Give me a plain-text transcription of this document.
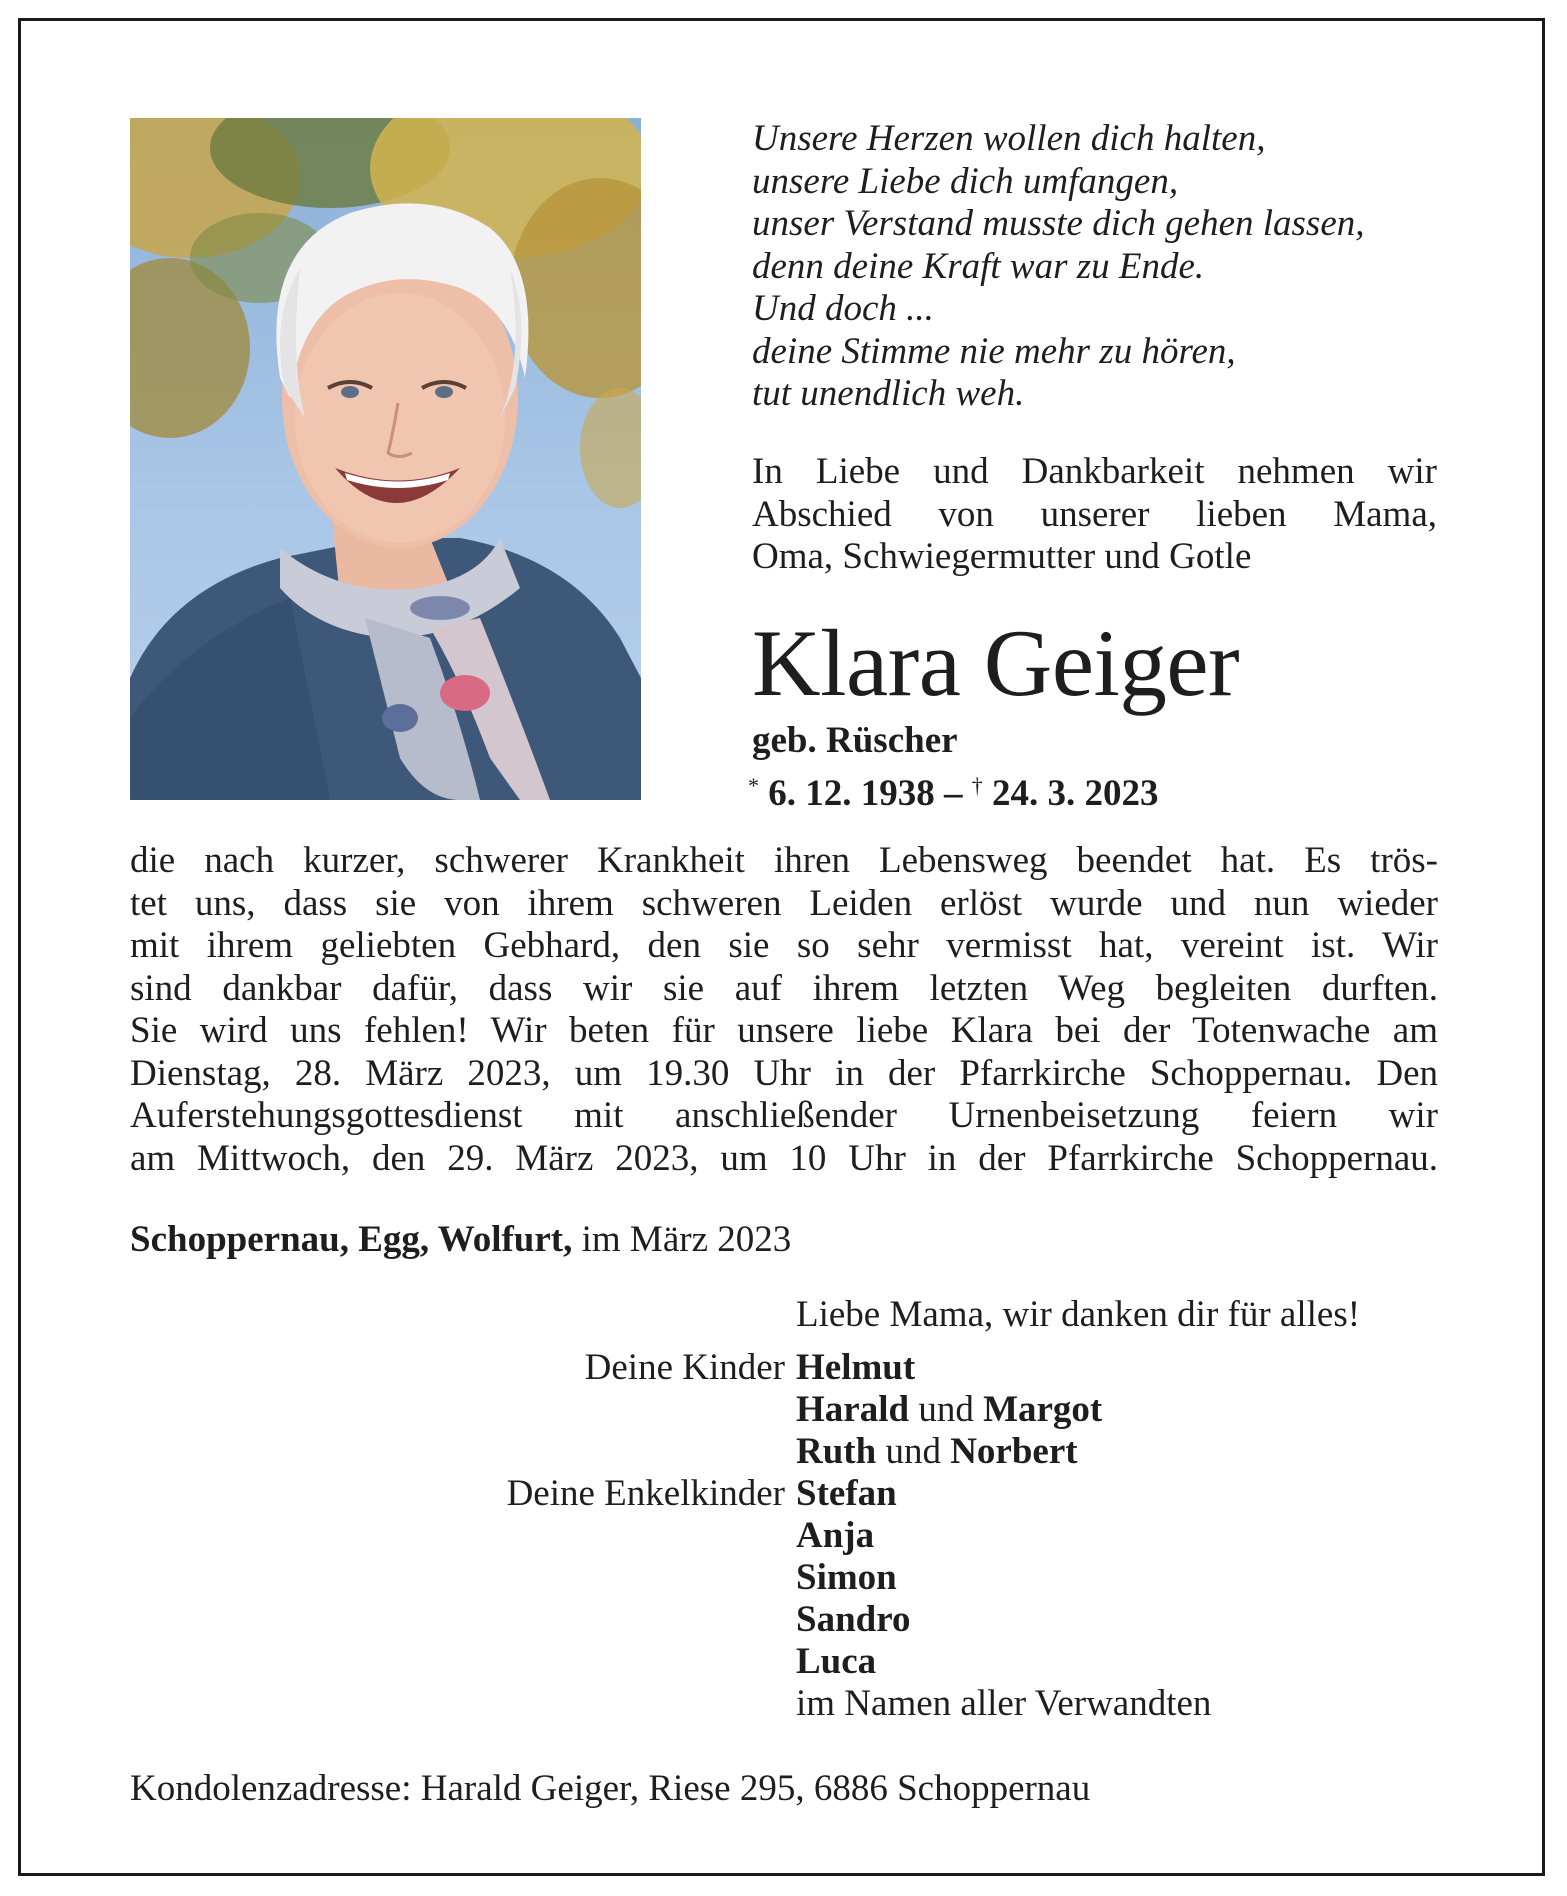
Unsere Herzen wollen dich halten,
unsere Liebe dich umfangen,
unser Verstand musste dich gehen lassen,
denn deine Kraft war zu Ende.
Und doch ...
deine Stimme nie mehr zu hören,
tut unendlich weh.
In Liebe und Dankbarkeit nehmen wir
Abschied von unserer lieben Mama,
Oma, Schwiegermutter und Gotle
Klara Geiger
geb. Rüscher
* 6. 12. 1938 – † 24. 3. 2023
die nach kurzer, schwerer Krankheit ihren Lebensweg beendet hat. Es trös-
tet uns, dass sie von ihrem schweren Leiden erlöst wurde und nun wieder
mit ihrem geliebten Gebhard, den sie so sehr vermisst hat, vereint ist. Wir
sind dankbar dafür, dass wir sie auf ihrem letzten Weg begleiten durften.
Sie wird uns fehlen! Wir beten für unsere liebe Klara bei der Totenwache am
Dienstag, 28. März 2023, um 19.30 Uhr in der Pfarrkirche Schoppernau. Den
Auferstehungsgottesdienst mit anschließender Urnenbeisetzung feiern wir
am Mittwoch, den 29. März 2023, um 10 Uhr in der Pfarrkirche Schoppernau.
Schoppernau, Egg, Wolfurt, im März 2023
Liebe Mama, wir danken dir für alles!
Deine Kinder Helmut
Harald und Margot
Ruth und Norbert
Deine Enkelkinder Stefan
Anja
Simon
Sandro
Luca
im Namen aller Verwandten
Kondolenzadresse: Harald Geiger, Riese 295, 6886 Schoppernau
